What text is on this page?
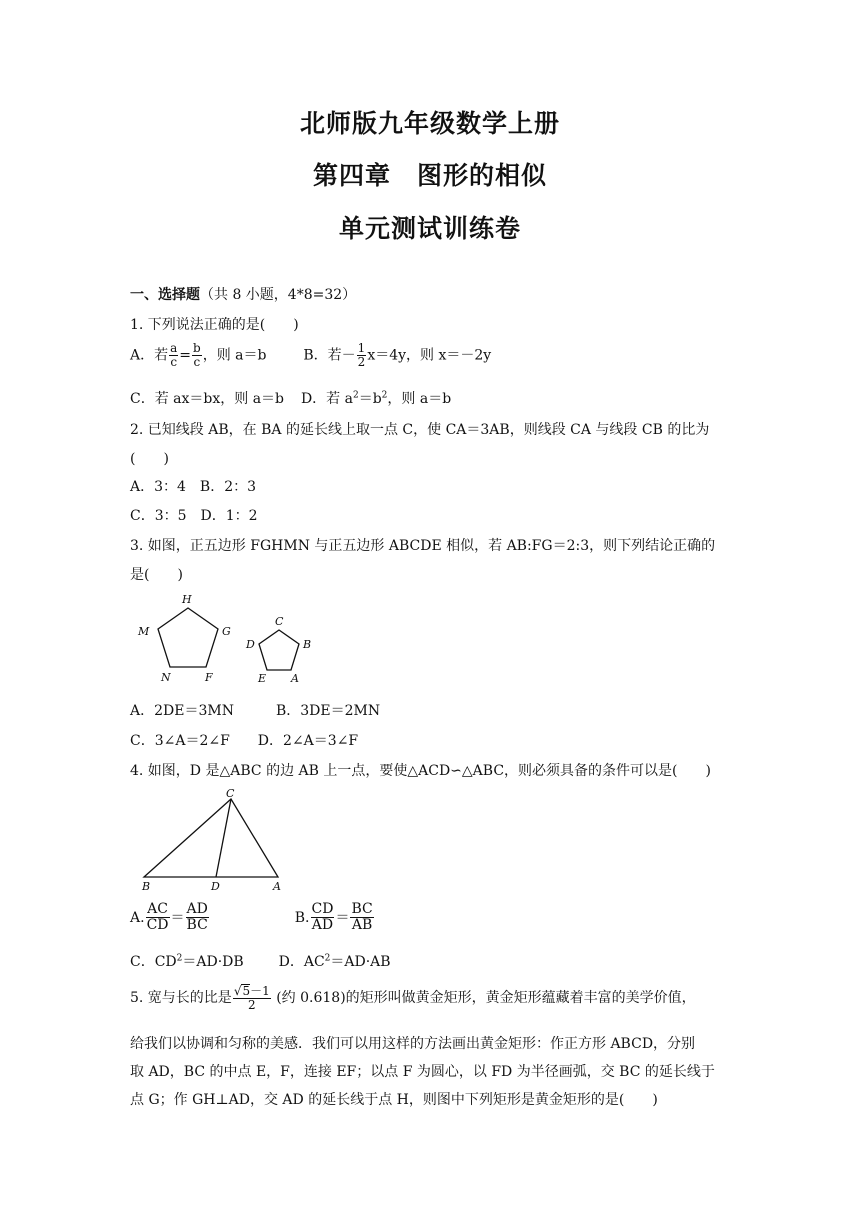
北师版九年级数学上册
第四章　图形的相似
单元测试训练卷
一、选择题（共 8 小题，4*8=32）
1. 下列说法正确的是(　　)
A．若 $\frac{a}{c} = \frac{b}{c}$ ，则 a＝b	B．若－ $\frac{1}{2} x=4y$，则 x＝－2y
C．若 ax＝bx，则 a＝b D．若 $a^2=b^2$，则 a＝b
2. 已知线段 AB，在 BA 的延长线上取一点 C，使 CA＝3AB，则线段 CA 与线段 CB 的比为
(　　)
A．3：4　B．2：3
C．3：5　D．1：2
3. 如图，正五边形 FGHMN 与正五边形 ABCDE 相似，若 AB:FG＝2:3，则下列结论正确的
是(　　)
H
G
F
N
M
C
B
A
E
D
A．2DE＝3MN　　　B．3DE＝2MN
C．3∠A＝2∠F　　D．2∠A＝3∠F
4. 如图，D 是△ABC 的边 AB 上一点，要使△ACD∽△ABC，则必须具备的条件可以是(　　)
C
B	D	A
A. $\frac{AC}{CD} = \frac{AD}{BC}$	B. $\frac{CD}{AD} = \frac{BC}{AB}$
C．$CD^2=AD\cdot DB$ D．$AC^2=AD\cdot AB$
5. 宽与长的比是 $\frac{√5-1}{2}$ (约 0.618)的矩形叫做黄金矩形，黄金矩形蕴藏着丰富的美学价值，
给我们以协调和匀称的美感．我们可以用这样的方法画出黄金矩形：作正方形 ABCD，分别
取 AD，BC 的中点 E，F，连接 EF；以点 F 为圆心，以 FD 为半径画弧，交 BC 的延长线于
点 G；作 GH⊥AD，交 AD 的延长线于点 H，则图中下列矩形是黄金矩形的是(　　)
